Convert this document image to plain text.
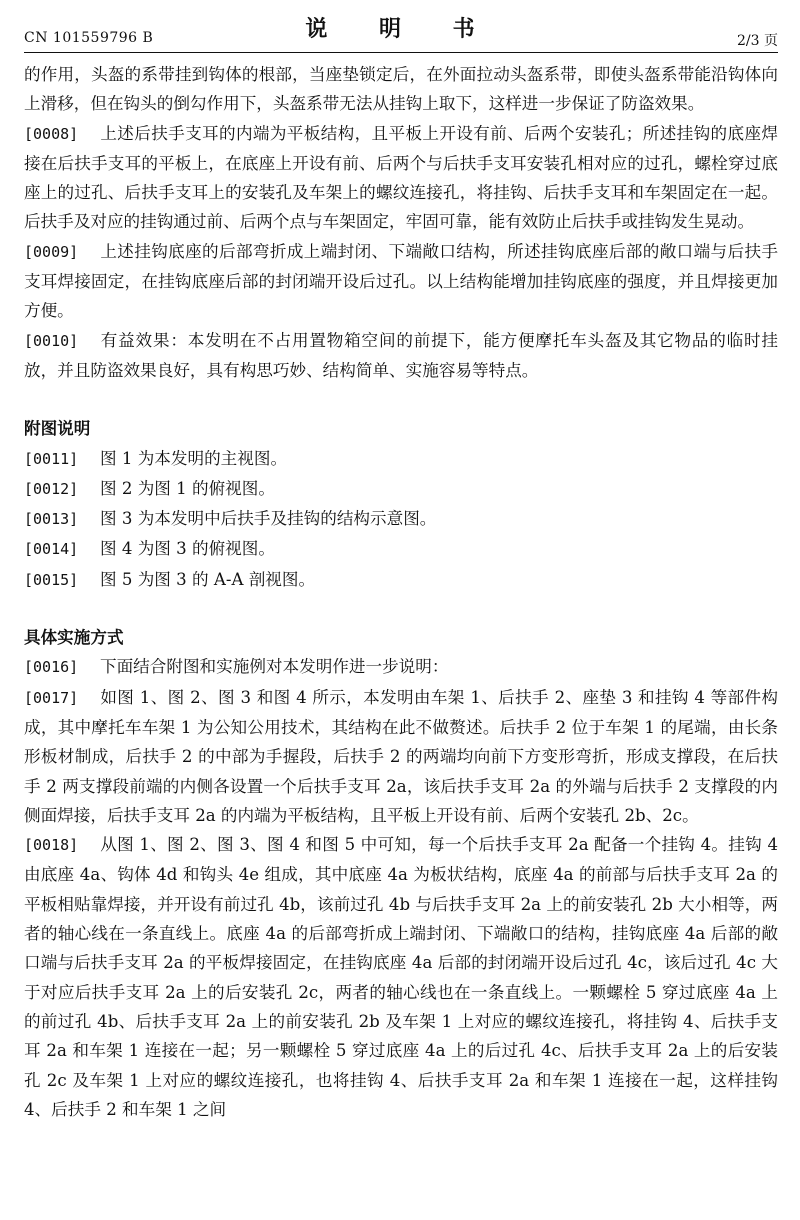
CN 101559796 B	说 明 书	2/3 页

的作用，头盔的系带挂到钩体的根部，当座垫锁定后，在外面拉动头盔系带，即使头盔系带能沿钩体向上滑移，但在钩头的倒勾作用下，头盔系带无法从挂钩上取下，这样进一步保证了防盗效果。

[0008] 上述后扶手支耳的内端为平板结构，且平板上开设有前、后两个安装孔；所述挂钩的底座焊接在后扶手支耳的平板上，在底座上开设有前、后两个与后扶手支耳安装孔相对应的过孔，螺栓穿过底座上的过孔、后扶手支耳上的安装孔及车架上的螺纹连接孔，将挂钩、后扶手支耳和车架固定在一起。后扶手及对应的挂钩通过前、后两个点与车架固定，牢固可靠，能有效防止后扶手或挂钩发生晃动。

[0009] 上述挂钩底座的后部弯折成上端封闭、下端敞口结构，所述挂钩底座后部的敞口端与后扶手支耳焊接固定，在挂钩底座后部的封闭端开设后过孔。以上结构能增加挂钩底座的强度，并且焊接更加方便。

[0010] 有益效果：本发明在不占用置物箱空间的前提下，能方便摩托车头盔及其它物品的临时挂放，并且防盗效果良好，具有构思巧妙、结构简单、实施容易等特点。

附图说明

[0011] 图 1 为本发明的主视图。

[0012] 图 2 为图 1 的俯视图。

[0013] 图 3 为本发明中后扶手及挂钩的结构示意图。

[0014] 图 4 为图 3 的俯视图。

[0015] 图 5 为图 3 的 A-A 剖视图。

具体实施方式

[0016] 下面结合附图和实施例对本发明作进一步说明：

[0017] 如图 1、图 2、图 3 和图 4 所示，本发明由车架 1、后扶手 2、座垫 3 和挂钩 4 等部件构成，其中摩托车车架 1 为公知公用技术，其结构在此不做赘述。后扶手 2 位于车架 1 的尾端，由长条形板材制成，后扶手 2 的中部为手握段，后扶手 2 的两端均向前下方变形弯折，形成支撑段，在后扶手 2 两支撑段前端的内侧各设置一个后扶手支耳 2a，该后扶手支耳 2a 的外端与后扶手 2 支撑段的内侧面焊接，后扶手支耳 2a 的内端为平板结构，且平板上开设有前、后两个安装孔 2b、2c。

[0018] 从图 1、图 2、图 3、图 4 和图 5 中可知，每一个后扶手支耳 2a 配备一个挂钩 4。挂钩 4 由底座 4a、钩体 4d 和钩头 4e 组成，其中底座 4a 为板状结构，底座 4a 的前部与后扶手支耳 2a 的平板相贴靠焊接，并开设有前过孔 4b，该前过孔 4b 与后扶手支耳 2a 上的前安装孔 2b 大小相等，两者的轴心线在一条直线上。底座 4a 的后部弯折成上端封闭、下端敞口的结构，挂钩底座 4a 后部的敞口端与后扶手支耳 2a 的平板焊接固定，在挂钩底座 4a 后部的封闭端开设后过孔 4c，该后过孔 4c 大于对应后扶手支耳 2a 上的后安装孔 2c，两者的轴心线也在一条直线上。一颗螺栓 5 穿过底座 4a 上的前过孔 4b、后扶手支耳 2a 上的前安装孔 2b 及车架 1 上对应的螺纹连接孔，将挂钩 4、后扶手支耳 2a 和车架 1 连接在一起；另一颗螺栓 5 穿过底座 4a 上的后过孔 4c、后扶手支耳 2a 上的后安装孔 2c 及车架 1 上对应的螺纹连接孔，也将挂钩 4、后扶手支耳 2a 和车架 1 连接在一起，这样挂钩 4、后扶手 2 和车架 1 之间
